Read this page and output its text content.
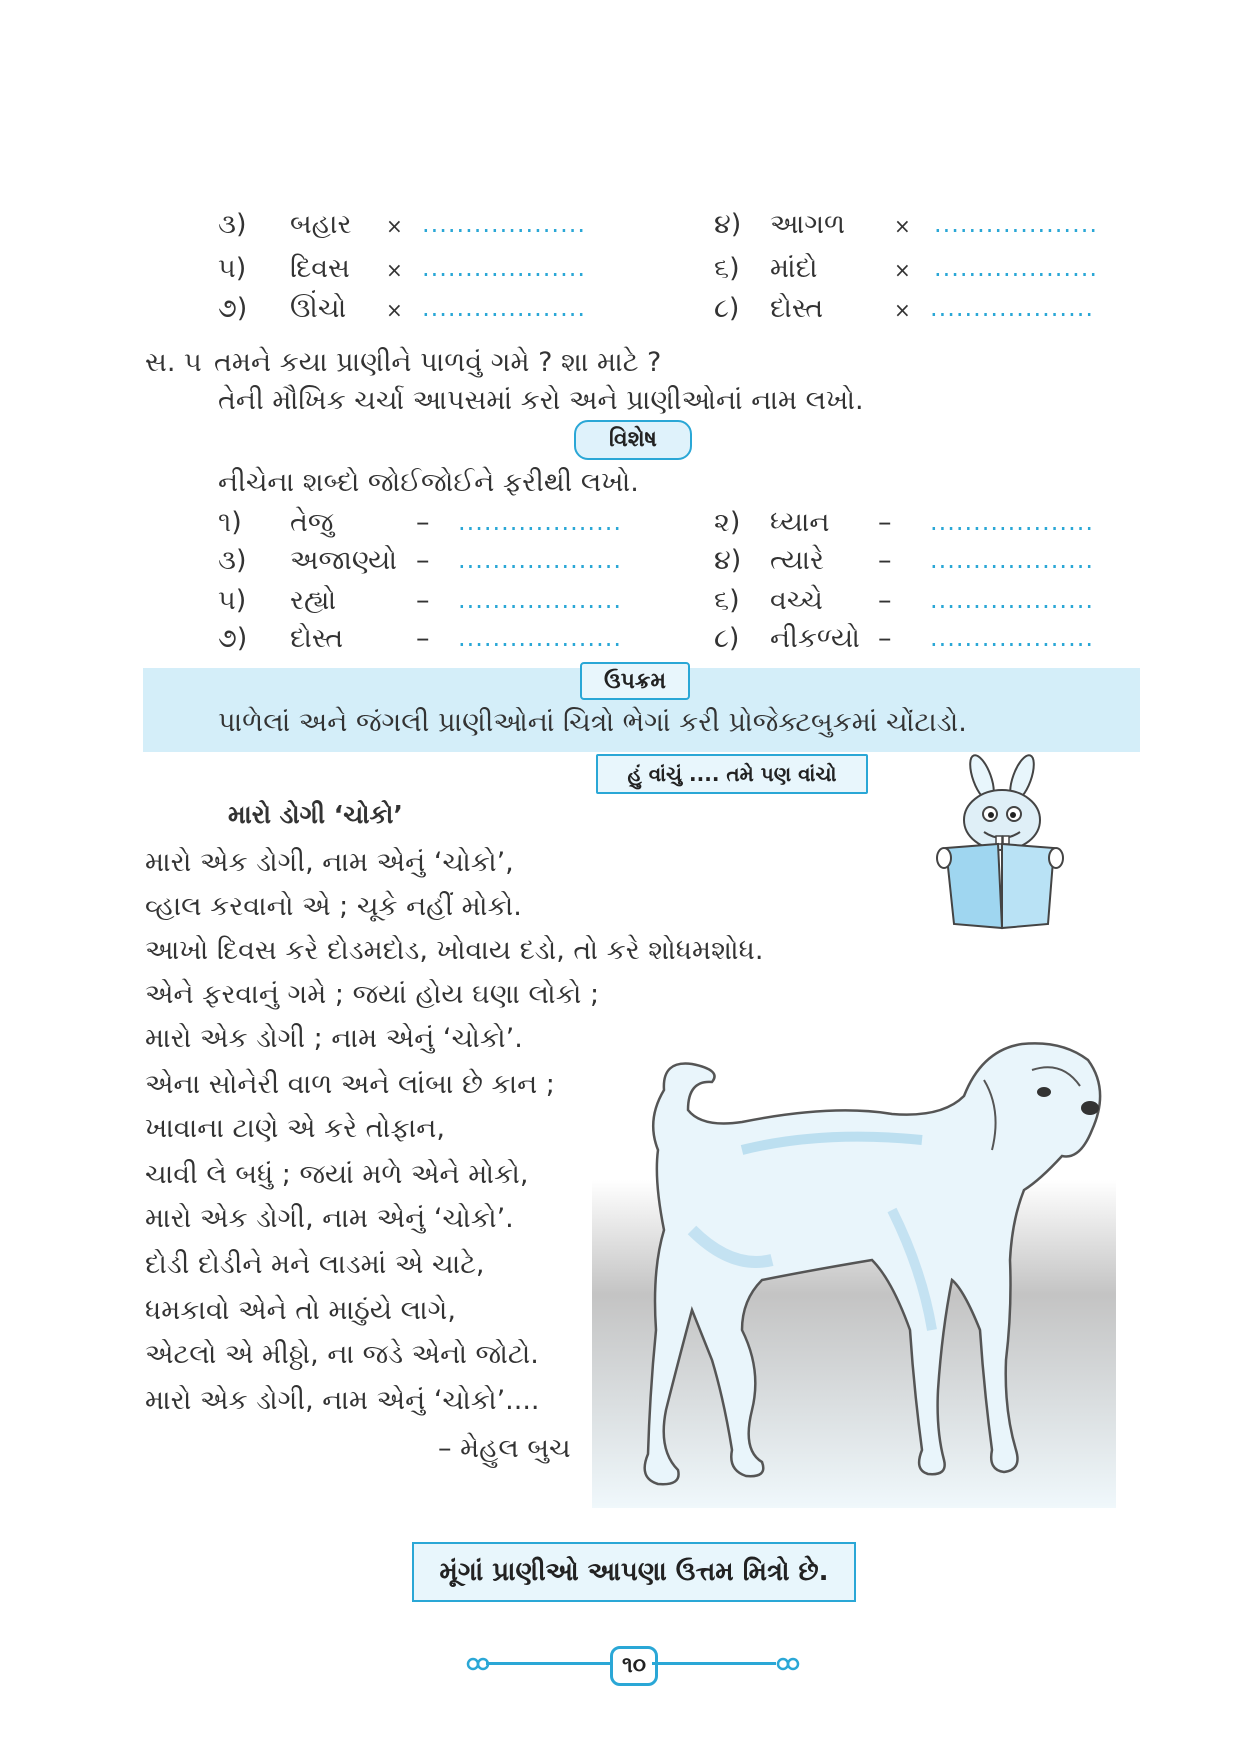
૩) બહાર × ...................	૪) આગળ × ...................
૫) દિવસ × ...................	૬) માંદો	× ...................
૭) ઊંચો × ...................	૮) દોસ્ત	× ...................
સ. ૫ તમને કયા પ્રાણીને પાળવું ગમે ? શા માટે ?
તેની મૌખિક ચર્ચા આપસમાં કરો અને પ્રાણીઓનાં નામ લખો.
વિશેષ
નીચેના શબ્દો જોઈજોઈને ફરીથી લખો.
૧) તેજુ	– ...................	૨) ધ્યાન – ...................
૩) અજાણ્યો – ...................	૪) ત્યારે – ...................
૫) રહ્યો	– ...................	૬) વચ્ચે – ...................
૭) દોસ્ત	– ...................	૮) નીકળ્યો – ...................
ઉપક્રમ
પાળેલાં અને જંગલી પ્રાણીઓનાં ચિત્રો ભેગાં કરી પ્રોજેક્ટબુકમાં ચોંટાડો.
હું વાંચું .... તમે પણ વાંચો
મારો ડોગી ‘ચોકો’
મારો એક ડોગી, નામ એનું ‘ચોકો’,
વ્હાલ કરવાનો એ ; ચૂકે નહીં મોકો.
આખો દિવસ કરે દોડમદોડ, ખોવાય દડો, તો કરે શોધમશોધ.
એને ફરવાનું ગમે ; જયાં હોય ઘણા લોકો ;
મારો એક ડોગી ; નામ એનું ‘ચોકો’.
એના સોનેરી વાળ અને લાંબા છે કાન ;
ખાવાના ટાણે એ કરે તોફાન,
ચાવી લે બધું ; જયાં મળે એને મોકો,
મારો એક ડોગી, નામ એનું ‘ચોકો’.
દોડી દોડીને મને લાડમાં એ ચાટે,
ધમકાવો એને તો માઠુંયે લાગે,
એટલો એ મીઠ્ઠો, ના જડે એનો જોટો.
મારો એક ડોગી, નામ એનું ‘ચોકો’....
– મેહુલ બુચ
મૂંગાં પ્રાણીઓ આપણા ઉત્તમ મિત્રો છે.
૧૦
